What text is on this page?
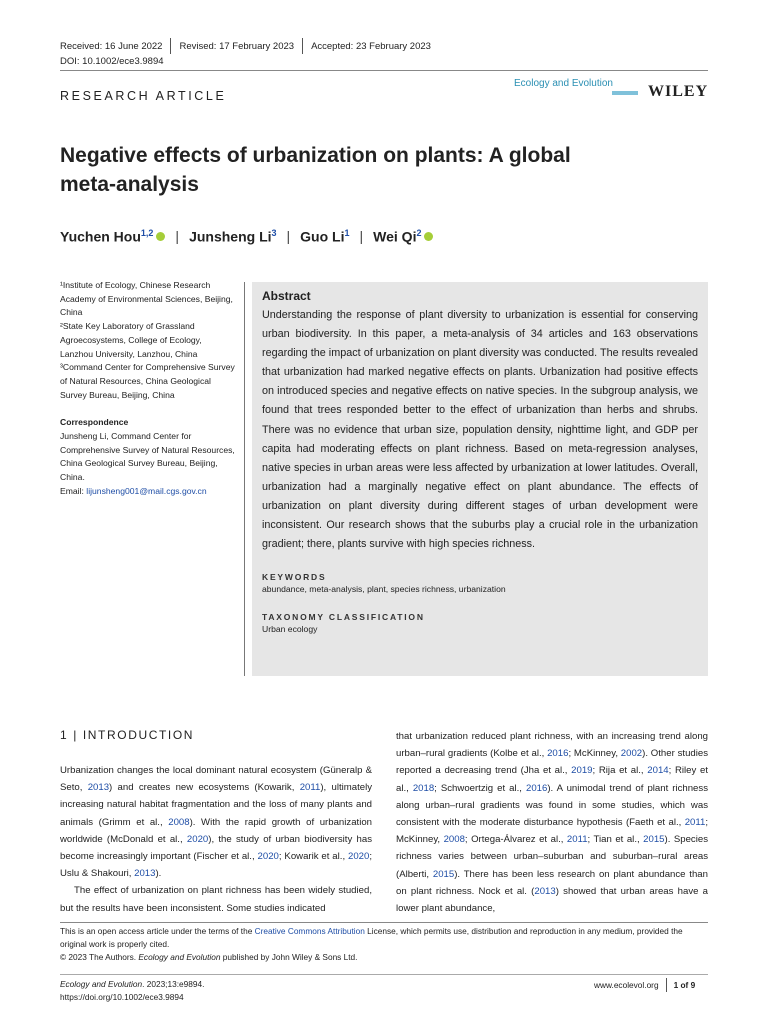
Received: 16 June 2022 Revised: 17 February 2023 Accepted: 23 February 2023
DOI: 10.1002/ece3.9894
RESEARCH ARTICLE
Ecology and Evolution WILEY
Negative effects of urbanization on plants: A global meta-analysis
Yuchen Hou$^{1,2}$ | Junsheng Li$^3$ | Guo Li$^1$ | Wei Qi$^2$

¹Institute of Ecology, Chinese Research Academy of Environmental Sciences, Beijing, China

²State Key Laboratory of Grassland Agroecosystems, College of Ecology, Lanzhou University, Lanzhou, China

³Command Center for Comprehensive Survey of Natural Resources, China Geological Survey Bureau, Beijing, China

Correspondence

Junsheng Li, Command Center for Comprehensive Survey of Natural Resources, China Geological Survey Bureau, Beijing, China.

Email: lijunsheng001@mail.cgs.gov.cn

Abstract
Understanding the response of plant diversity to urbanization is essential for conserving urban biodiversity. In this paper, a meta-analysis of 34 articles and 163 observations regarding the impact of urbanization on plant diversity was conducted. The results revealed that urbanization had marked negative effects on plants. Urbanization had positive effects on introduced species and negative effects on native species. In the subgroup analysis, we found that trees responded better to the effect of urbanization than herbs and shrubs. There was no evidence that urban size, population density, nighttime light, and GDP per capita had moderating effects on plant richness. Based on meta-regression analyses, native species in urban areas were less affected by urbanization at lower latitudes. Overall, urbanization had a marginally negative effect on plant abundance. The effects of urbanization on plant diversity during different stages of urban development were inconsistent. Our research shows that the suburbs play a crucial role in the urbanization gradient; there, plants survive with high species richness.
KEYWORDS
abundance, meta-analysis, plant, species richness, urbanization
TAXONOMY CLASSIFICATION
Urban ecology
1 | INTRODUCTION

Urbanization changes the local dominant natural ecosystem (Güneralp & Seto, 2013) and creates new ecosystems (Kowarik, 2011), ultimately increasing natural habitat fragmentation and the loss of many plants and animals (Grimm et al., 2008). With the rapid growth of urbanization worldwide (McDonald et al., 2020), the study of urban biodiversity has become increasingly important (Fischer et al., 2020; Kowarik et al., 2020; Uslu & Shakouri, 2013).

The effect of urbanization on plant richness has been widely studied, but the results have been inconsistent. Some studies indicated

that urbanization reduced plant richness, with an increasing trend along urban–rural gradients (Kolbe et al., 2016; McKinney, 2002). Other studies reported a decreasing trend (Jha et al., 2019; Rija et al., 2014; Riley et al., 2018; Schwoertzig et al., 2016). A unimodal trend of plant richness along urban–rural gradients was found in some studies, which was consistent with the moderate disturbance hypothesis (Faeth et al., 2011; McKinney, 2008; Ortega-Álvarez et al., 2011; Tian et al., 2015). Species richness varies between urban–suburban and suburban–rural areas (Alberti, 2015). There has been less research on plant abundance than on plant richness. Nock et al. (2013) showed that urban areas have a lower plant abundance,

This is an open access article under the terms of the Creative Commons Attribution License, which permits use, distribution and reproduction in any medium, provided the original work is properly cited.
© 2023 The Authors. Ecology and Evolution published by John Wiley & Sons Ltd.
Ecology and Evolution. 2023;13:e9894.
https://doi.org/10.1002/ece3.9894
www.ecolevol.org 1 of 9
